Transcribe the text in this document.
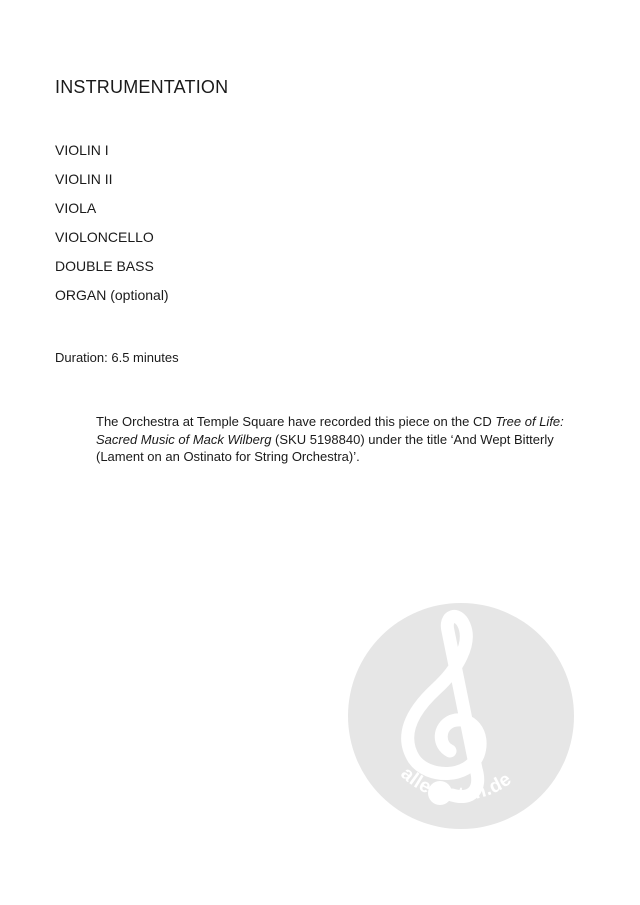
INSTRUMENTATION
VIOLIN I
VIOLIN II
VIOLA
VIOLONCELLO
DOUBLE BASS
ORGAN (optional)
Duration: 6.5 minutes

The Orchestra at Temple Square have recorded this piece on the CD Tree of Life: Sacred Music of Mack Wilberg (SKU 5198840) under the title ‘And Wept Bitterly (Lament on an Ostinato for String Orchestra)’.

alle-noten.de
